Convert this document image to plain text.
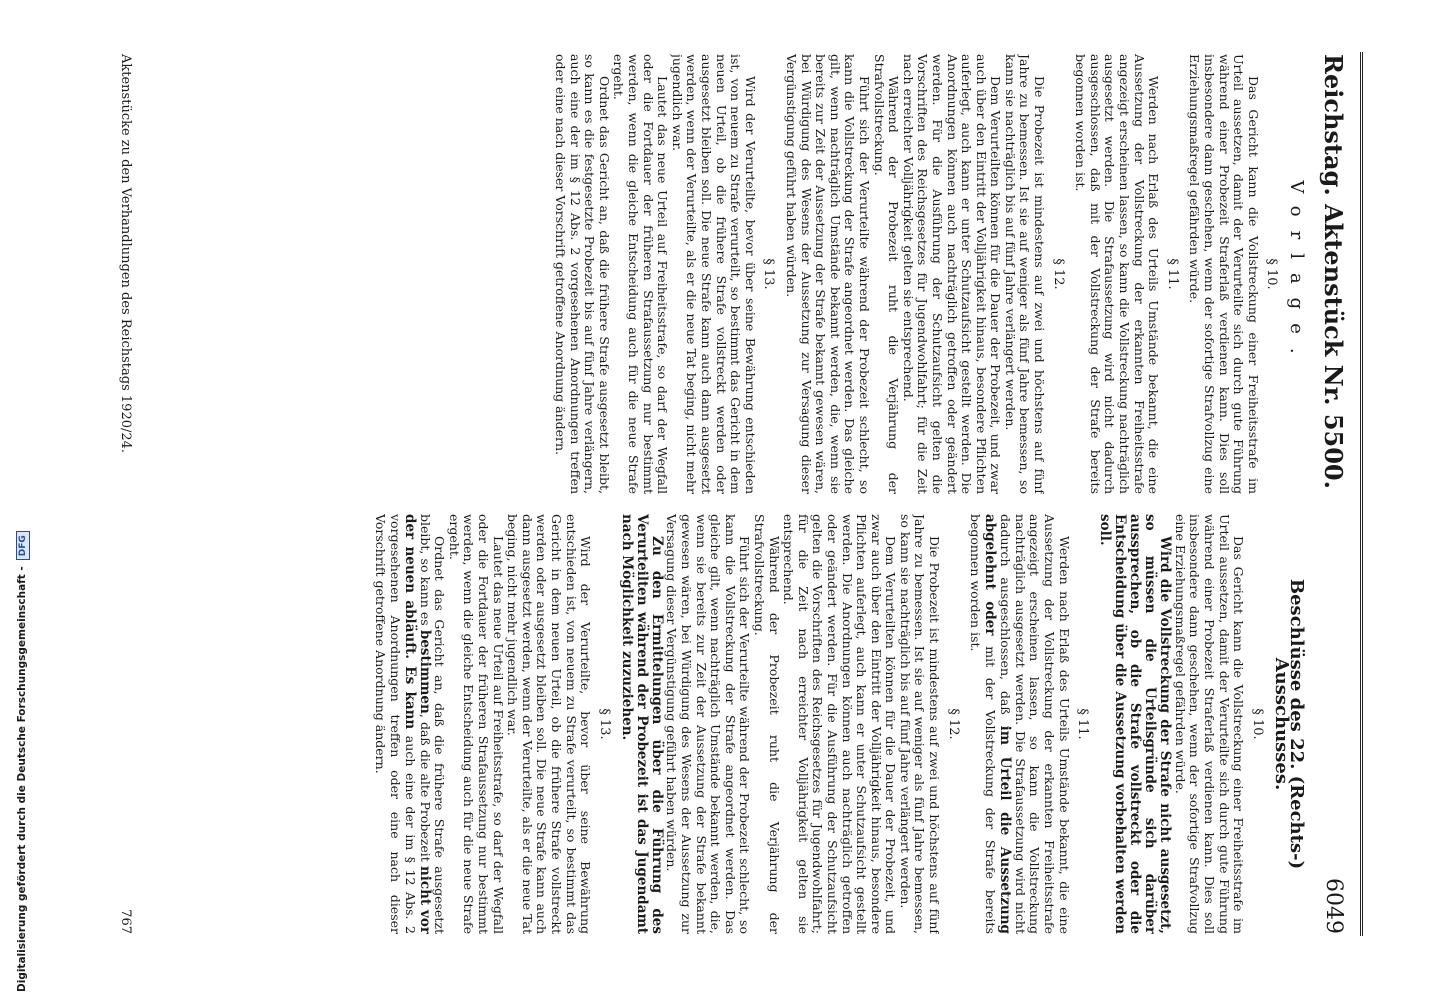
Reichstag. Aktenstück Nr. 5500.
6049
Vorlage.
§ 10.

Das Gericht kann die Vollstreckung einer Freiheitsstrafe im Urteil aussetzen, damit der Verurteilte sich durch gute Führung während einer Probezeit Straferlaß verdienen kann. Dies soll insbesondere dann geschehen, wenn der sofortige Strafvollzug eine Erziehungsmaßregel gefährden würde.

§ 11.

Werden nach Erlaß des Urteils Umstände bekannt, die eine Aussetzung der Vollstreckung der erkannten Freiheitsstrafe angezeigt erscheinen lassen, so kann die Vollstreckung nachträglich ausgesetzt werden. Die Strafaussetzung wird nicht dadurch ausgeschlossen, daß mit der Vollstreckung der Strafe bereits begonnen worden ist.

§ 12.

Die Probezeit ist mindestens auf zwei und höchstens auf fünf Jahre zu bemessen. Ist sie auf weniger als fünf Jahre bemessen, so kann sie nachträglich bis auf fünf Jahre verlängert werden.

Dem Verurteilten können für die Dauer der Probezeit, und zwar auch über den Eintritt der Volljährigkeit hinaus, besondere Pflichten auferlegt, auch kann er unter Schutzaufsicht gestellt werden. Die Anordnungen können auch nachträglich getroffen oder geändert werden. Für die Ausführung der Schutzaufsicht gelten die Vorschriften des Reichsgesetzes für Jugendwohlfahrt; für die Zeit nach erreichter Volljährigkeit gelten sie entsprechend.

Während der Probezeit ruht die Verjährung der Strafvollstreckung.

Führt sich der Verurteilte während der Probezeit schlecht, so kann die Vollstreckung der Strafe angeordnet werden. Das gleiche gilt, wenn nachträglich Umstände bekannt werden, die, wenn sie bereits zur Zeit der Aussetzung der Strafe bekannt gewesen wären, bei Würdigung des Wesens der Aussetzung zur Versagung dieser Vergünstigung geführt haben würden.

§ 13.

Wird der Verurteilte, bevor über seine Bewährung entschieden ist, von neuem zu Strafe verurteilt, so bestimmt das Gericht in dem neuen Urteil, ob die frühere Strafe vollstreckt werden oder ausgesetzt bleiben soll. Die neue Strafe kann auch dann ausgesetzt werden, wenn der Verurteilte, als er die neue Tat beging, nicht mehr jugendlich war.

Lautet das neue Urteil auf Freiheitsstrafe, so darf der Wegfall oder die Fortdauer der früheren Strafaussetzung nur bestimmt werden, wenn die gleiche Entscheidung auch für die neue Strafe ergeht.

Ordnet das Gericht an, daß die frühere Strafe ausgesetzt bleibt, so kann es die festgesetzte Probezeit bis auf fünf Jahre verlängern, auch eine der im § 12 Abs. 2 vorgesehenen Anordnungen treffen oder eine nach dieser Vorschrift getroffene Anordnung ändern.

Beschlüsse des 22. (Rechts-) Ausschusses.
§ 10.

Das Gericht kann die Vollstreckung einer Freiheitsstrafe im Urteil aussetzen, damit der Verurteilte sich durch gute Führung während einer Probezeit Straferlaß verdienen kann. Dies soll insbesondere dann geschehen, wenn der sofortige Strafvollzug eine Erziehungsmaßregel gefährden würde.

Wird die Vollstreckung der Strafe nicht ausgesetzt, so müssen die Urteilsgründe sich darüber aussprechen, ob die Strafe vollstreckt oder die Entscheidung über die Aussetzung vorbehalten werden soll.

§ 11.

Werden nach Erlaß des Urteils Umstände bekannt, die eine Aussetzung der Vollstreckung der erkannten Freiheitsstrafe angezeigt erscheinen lassen, so kann die Vollstreckung nachträglich ausgesetzt werden. Die Strafaussetzung wird nicht dadurch ausgeschlossen, daß im Urteil die Aussetzung abgelehnt oder mit der Vollstreckung der Strafe bereits begonnen worden ist.

§ 12.

Die Probezeit ist mindestens auf zwei und höchstens auf fünf Jahre zu bemessen. Ist sie auf weniger als fünf Jahre bemessen, so kann sie nachträglich bis auf fünf Jahre verlängert werden.

Dem Verurteilten können für die Dauer der Probezeit, und zwar auch über den Eintritt der Volljährigkeit hinaus, besondere Pflichten auferlegt, auch kann er unter Schutzaufsicht gestellt werden. Die Anordnungen können auch nachträglich getroffen oder geändert werden. Für die Ausführung der Schutzaufsicht gelten die Vorschriften des Reichsgesetzes für Jugendwohlfahrt; für die Zeit nach erreichter Volljährigkeit gelten sie entsprechend.

Während der Probezeit ruht die Verjährung der Strafvollstreckung.

Führt sich der Verurteilte während der Probezeit schlecht, so kann die Vollstreckung der Strafe angeordnet werden. Das gleiche gilt, wenn nachträglich Umstände bekannt werden, die, wenn sie bereits zur Zeit der Aussetzung der Strafe bekannt gewesen wären, bei Würdigung des Wesens der Aussetzung zur Versagung dieser Vergünstigung geführt haben würden.

Zu den Ermittelungen über die Führung des Verurteilten während der Probezeit ist das Jugendamt nach Möglichkeit zuzuziehen.

§ 13.

Wird der Verurteilte, bevor über seine Bewährung entschieden ist, von neuem zu Strafe verurteilt, so bestimmt das Gericht in dem neuen Urteil, ob die frühere Strafe vollstreckt werden oder ausgesetzt bleiben soll. Die neue Strafe kann auch dann ausgesetzt werden, wenn der Verurteilte, als er die neue Tat beging, nicht mehr jugendlich war.

Lautet das neue Urteil auf Freiheitsstrafe, so darf der Wegfall oder die Fortdauer der früheren Strafaussetzung nur bestimmt werden, wenn die gleiche Entscheidung auch für die neue Strafe ergeht.

Ordnet das Gericht an, daß die frühere Strafe ausgesetzt bleibt, so kann es bestimmen, daß die alte Probezeit nicht vor der neuen abläuft. Es kann auch eine der im § 12 Abs. 2 vorgesehenen Anordnungen treffen oder eine nach dieser Vorschrift getroffene Anordnung ändern.

Aktenstücke zu den Verhandlungen des Reichstags 1920/24.
767
Digitalisierung gefördert durch die Deutsche Forschungsgemeinschaft -DFG
